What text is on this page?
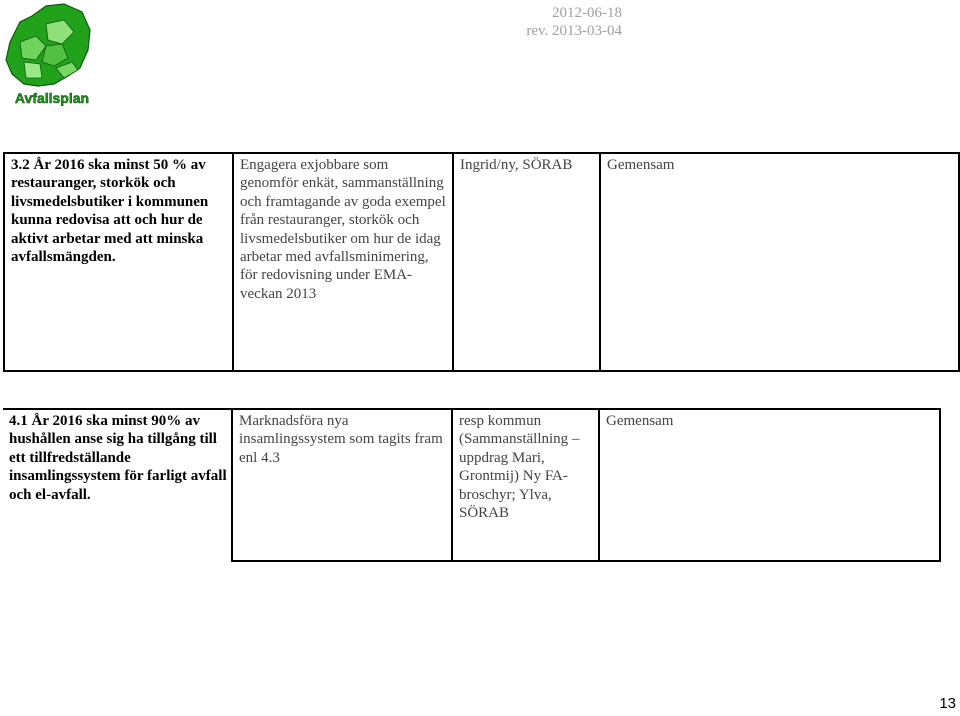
Avfallsplan
2012-06-18
rev. 2013-03-04
3.2 År 2016 ska minst 50 % av restauranger, storkök och livsmedelsbutiker i kommunen kunna redovisa att och hur de aktivt arbetar med att minska avfallsmängden.	Engagera exjobbare som genomför enkät, sammanställning och framtagande av goda exempel från restauranger, storkök och livsmedelsbutiker om hur de idag arbetar med avfallsminimering, för redovisning under EMA-veckan 2013	Ingrid/ny, SÖRAB	Gemensam
4.1 År 2016 ska minst 90% av hushållen anse sig ha tillgång till ett tillfredställande insamlingssystem för farligt avfall och el-avfall.	Marknadsföra nya insamlingssystem som tagits fram enl 4.3	resp kommun (Sammanställning – uppdrag Mari, Grontmij) Ny FA-broschyr; Ylva, SÖRAB	Gemensam
13
